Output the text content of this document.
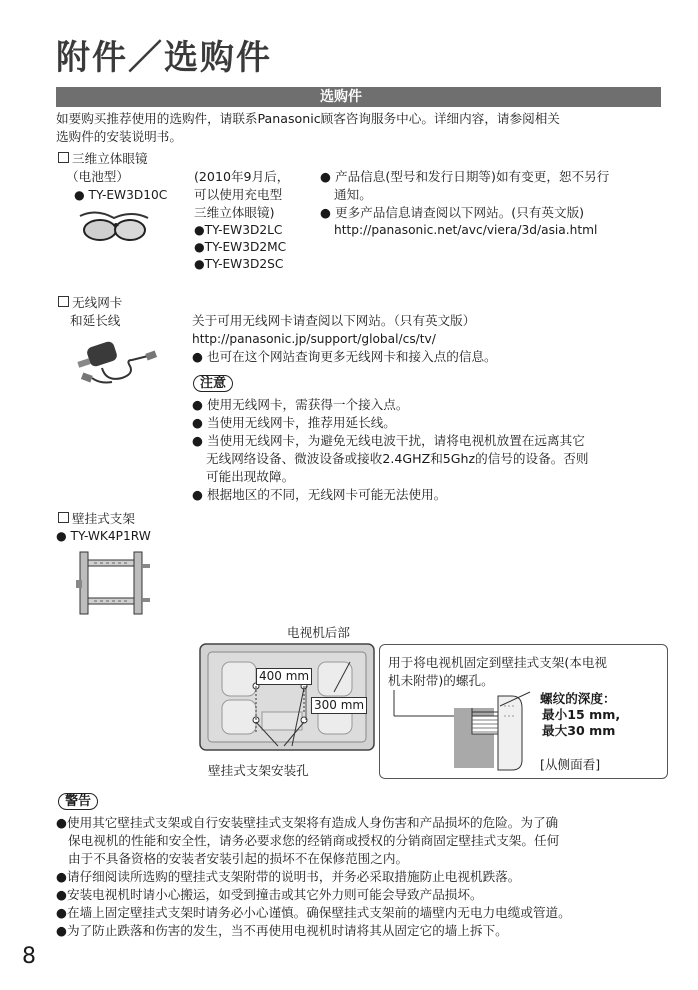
附件／选购件
选购件
如要购买推荐使用的选购件，请联系Panasonic顾客咨询服务中心。详细内容，请参阅相关
选购件的安装说明书。
三维立体眼镜
（电池型）
● TY-EW3D10C
(2010年9月后，
可以使用充电型
三维立体眼镜)
●TY-EW3D2LC
●TY-EW3D2MC
●TY-EW3D2SC
● 产品信息(型号和发行日期等)如有变更，恕不另行
通知。
● 更多产品信息请查阅以下网站。(只有英文版)
http://panasonic.net/avc/viera/3d/asia.html
无线网卡
和延长线	关于可用无线网卡请查阅以下网站。（只有英文版）
http://panasonic.jp/support/global/cs/tv/
● 也可在这个网站查询更多无线网卡和接入点的信息。
注意
● 使用无线网卡，需获得一个接入点。
● 当使用无线网卡，推荐用延长线。
● 当使用无线网卡，为避免无线电波干扰，请将电视机放置在远离其它
无线网络设备、微波设备或接收2.4GHZ和5Ghz的信号的设备。否则
可能出现故障。
● 根据地区的不同，无线网卡可能无法使用。
壁挂式支架
● TY-WK4P1RW
电视机后部
400 mm
300 mm
壁挂式支架安装孔
用于将电视机固定到壁挂式支架(本电视
机未附带)的螺孔。
螺纹的深度：
最小15 mm,
最大30 mm
[从侧面看]
警告
●使用其它壁挂式支架或自行安装壁挂式支架将有造成人身伤害和产品损坏的危险。为了确
保电视机的性能和安全性，请务必要求您的经销商或授权的分销商固定壁挂式支架。任何
由于不具备资格的安装者安装引起的损坏不在保修范围之内。
●请仔细阅读所选购的壁挂式支架附带的说明书，并务必采取措施防止电视机跌落。
●安装电视机时请小心搬运，如受到撞击或其它外力则可能会导致产品损坏。
●在墙上固定壁挂式支架时请务必小心谨慎。确保壁挂式支架前的墙壁内无电力电缆或管道。
●为了防止跌落和伤害的发生，当不再使用电视机时请将其从固定它的墙上拆下。
8
